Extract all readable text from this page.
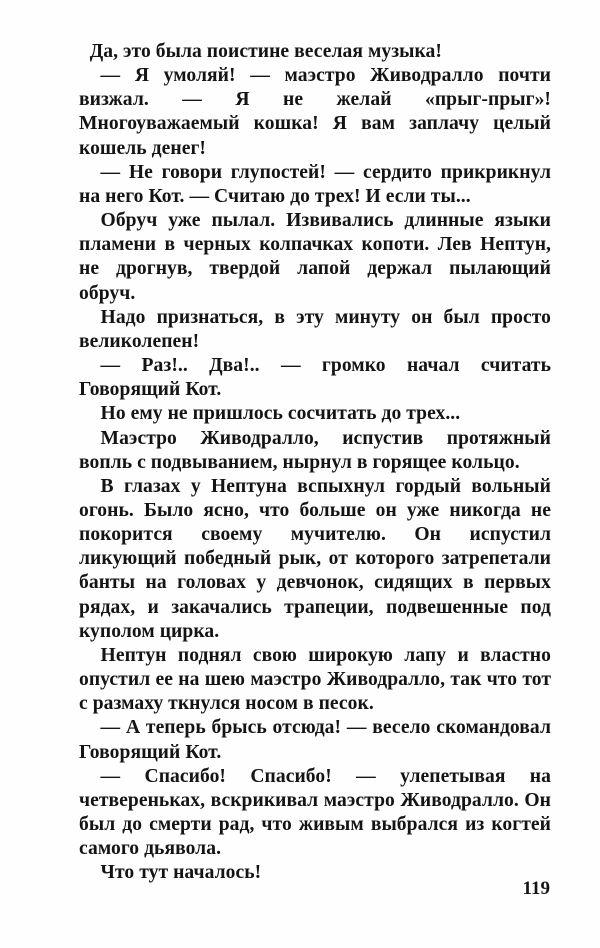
Да, это была поистине веселая музыка!

— Я умоляй! — маэстро Живодралло почти визжал. — Я не желай «прыг-прыг»! Многоуважаемый кошка! Я вам заплачу целый кошель денег!

— Не говори глупостей! — сердито прикрикнул на него Кот. — Считаю до трех! И если ты...

Обруч уже пылал. Извивались длинные языки пламени в черных колпачках копоти. Лев Нептун, не дрогнув, твердой лапой держал пылающий обруч.

Надо признаться, в эту минуту он был просто великолепен!

— Раз!.. Два!.. — громко начал считать Говорящий Кот.

Но ему не пришлось сосчитать до трех...

Маэстро Живодралло, испустив протяжный вопль с подвыванием, нырнул в горящее кольцо.

В глазах у Нептуна вспыхнул гордый вольный огонь. Было ясно, что больше он уже никогда не покорится своему мучителю. Он испустил ликующий победный рык, от которого затрепетали банты на головах у девчонок, сидящих в первых рядах, и закачались трапеции, подвешенные под куполом цирка.

Нептун поднял свою широкую лапу и властно опустил ее на шею маэстро Живодралло, так что тот с размаху ткнулся носом в песок.

— А теперь брысь отсюда! — весело скомандовал Говорящий Кот.

— Спасибо! Спасибо! — улепетывая на четвереньках, вскрикивал маэстро Живодралло. Он был до смерти рад, что живым выбрался из когтей самого дьявола.

Что тут началось!

119
